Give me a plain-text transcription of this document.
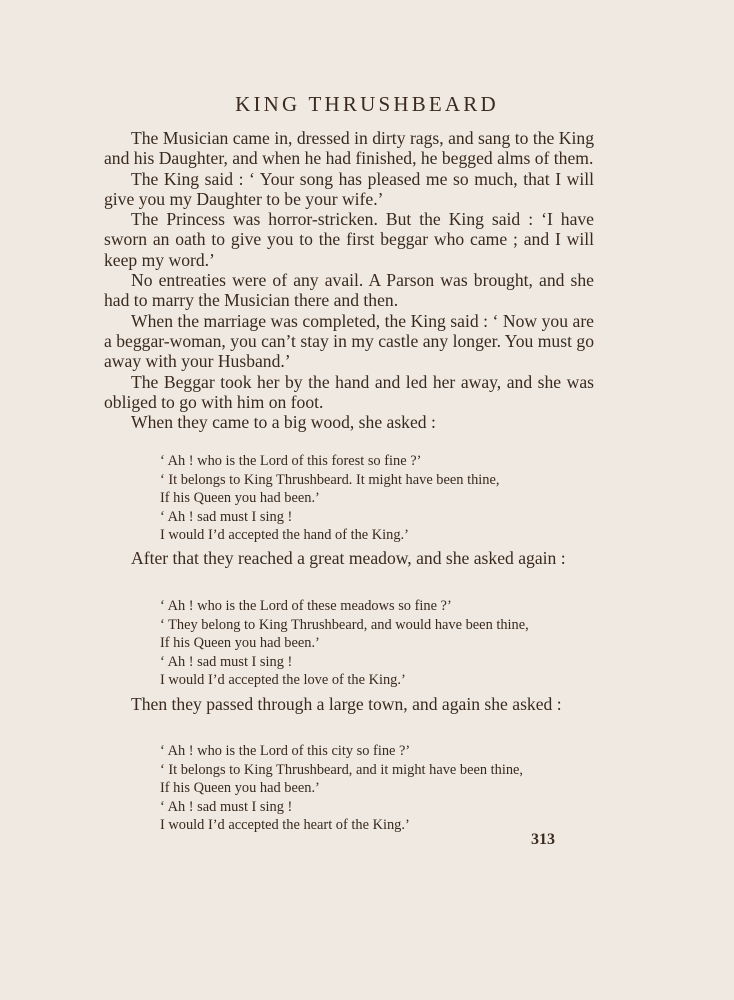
KING THRUSHBEARD

The Musician came in, dressed in dirty rags, and sang to the King and his Daughter, and when he had finished, he begged alms of them.

The King said : ‘ Your song has pleased me so much, that I will give you my Daughter to be your wife.’

The Princess was horror-stricken. But the King said : ‘I have sworn an oath to give you to the first beggar who came ; and I will keep my word.’

No entreaties were of any avail. A Parson was brought, and she had to marry the Musician there and then.

When the marriage was completed, the King said : ‘ Now you are a beggar-woman, you can’t stay in my castle any longer. You must go away with your Husband.’

The Beggar took her by the hand and led her away, and she was obliged to go with him on foot.

When they came to a big wood, she asked :

‘ Ah ! who is the Lord of this forest so fine ?’
‘ It belongs to King Thrushbeard. It might have been thine,
If his Queen you had been.’
‘ Ah ! sad must I sing !
I would I’d accepted the hand of the King.’

After that they reached a great meadow, and she asked again :

‘ Ah ! who is the Lord of these meadows so fine ?’
‘ They belong to King Thrushbeard, and would have been thine,
If his Queen you had been.’
‘ Ah ! sad must I sing !
I would I’d accepted the love of the King.’

Then they passed through a large town, and again she asked :

‘ Ah ! who is the Lord of this city so fine ?’
‘ It belongs to King Thrushbeard, and it might have been thine,
If his Queen you had been.’
‘ Ah ! sad must I sing !
I would I’d accepted the heart of the King.’
313
